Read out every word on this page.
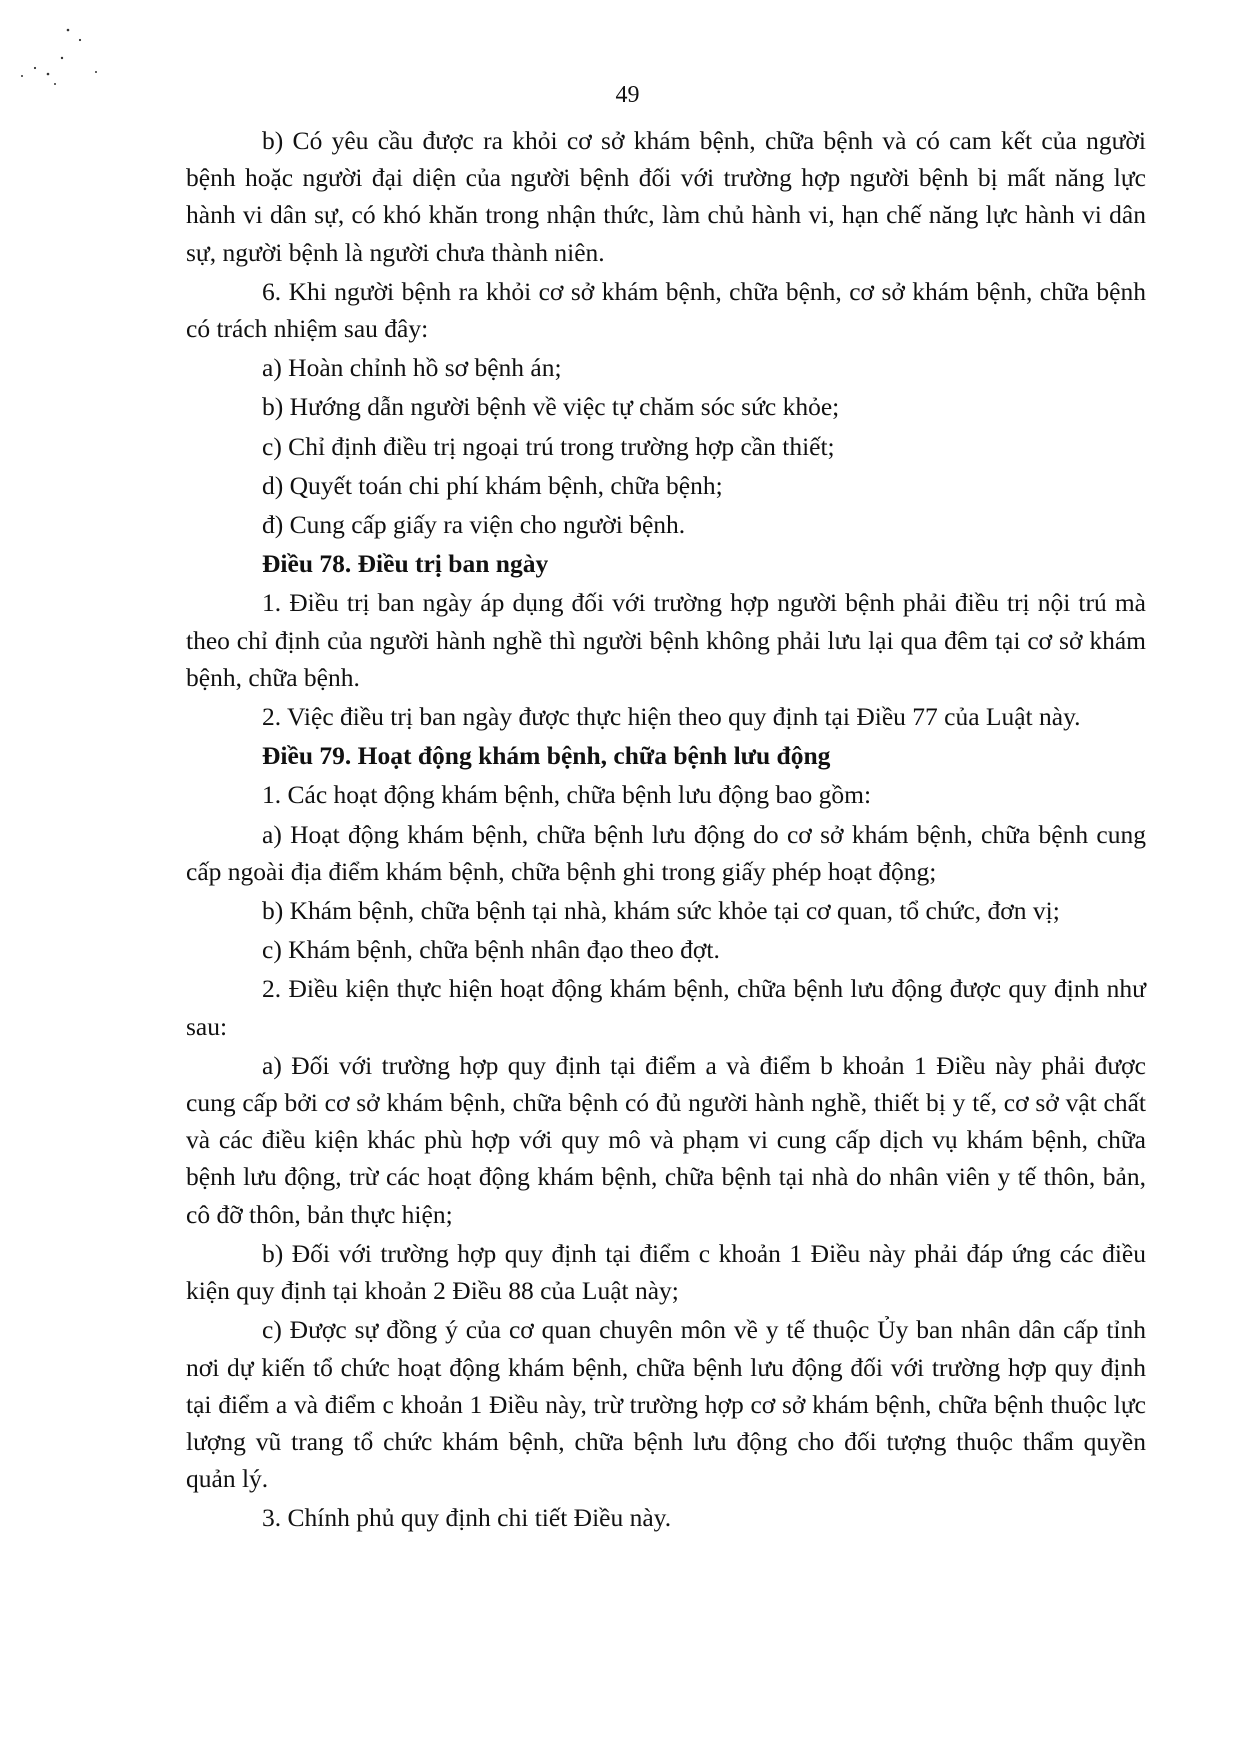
49

b) Có yêu cầu được ra khỏi cơ sở khám bệnh, chữa bệnh và có cam kết của người bệnh hoặc người đại diện của người bệnh đối với trường hợp người bệnh bị mất năng lực hành vi dân sự, có khó khăn trong nhận thức, làm chủ hành vi, hạn chế năng lực hành vi dân sự, người bệnh là người chưa thành niên.

6. Khi người bệnh ra khỏi cơ sở khám bệnh, chữa bệnh, cơ sở khám bệnh, chữa bệnh có trách nhiệm sau đây:

a) Hoàn chỉnh hồ sơ bệnh án;

b) Hướng dẫn người bệnh về việc tự chăm sóc sức khỏe;

c) Chỉ định điều trị ngoại trú trong trường hợp cần thiết;

d) Quyết toán chi phí khám bệnh, chữa bệnh;

đ) Cung cấp giấy ra viện cho người bệnh.

Điều 78. Điều trị ban ngày

1. Điều trị ban ngày áp dụng đối với trường hợp người bệnh phải điều trị nội trú mà theo chỉ định của người hành nghề thì người bệnh không phải lưu lại qua đêm tại cơ sở khám bệnh, chữa bệnh.

2. Việc điều trị ban ngày được thực hiện theo quy định tại Điều 77 của Luật này.

Điều 79. Hoạt động khám bệnh, chữa bệnh lưu động

1. Các hoạt động khám bệnh, chữa bệnh lưu động bao gồm:

a) Hoạt động khám bệnh, chữa bệnh lưu động do cơ sở khám bệnh, chữa bệnh cung cấp ngoài địa điểm khám bệnh, chữa bệnh ghi trong giấy phép hoạt động;

b) Khám bệnh, chữa bệnh tại nhà, khám sức khỏe tại cơ quan, tổ chức, đơn vị;

c) Khám bệnh, chữa bệnh nhân đạo theo đợt.

2. Điều kiện thực hiện hoạt động khám bệnh, chữa bệnh lưu động được quy định như sau:

a) Đối với trường hợp quy định tại điểm a và điểm b khoản 1 Điều này phải được cung cấp bởi cơ sở khám bệnh, chữa bệnh có đủ người hành nghề, thiết bị y tế, cơ sở vật chất và các điều kiện khác phù hợp với quy mô và phạm vi cung cấp dịch vụ khám bệnh, chữa bệnh lưu động, trừ các hoạt động khám bệnh, chữa bệnh tại nhà do nhân viên y tế thôn, bản, cô đỡ thôn, bản thực hiện;

b) Đối với trường hợp quy định tại điểm c khoản 1 Điều này phải đáp ứng các điều kiện quy định tại khoản 2 Điều 88 của Luật này;

c) Được sự đồng ý của cơ quan chuyên môn về y tế thuộc Ủy ban nhân dân cấp tỉnh nơi dự kiến tổ chức hoạt động khám bệnh, chữa bệnh lưu động đối với trường hợp quy định tại điểm a và điểm c khoản 1 Điều này, trừ trường hợp cơ sở khám bệnh, chữa bệnh thuộc lực lượng vũ trang tổ chức khám bệnh, chữa bệnh lưu động cho đối tượng thuộc thẩm quyền quản lý.

3. Chính phủ quy định chi tiết Điều này.
